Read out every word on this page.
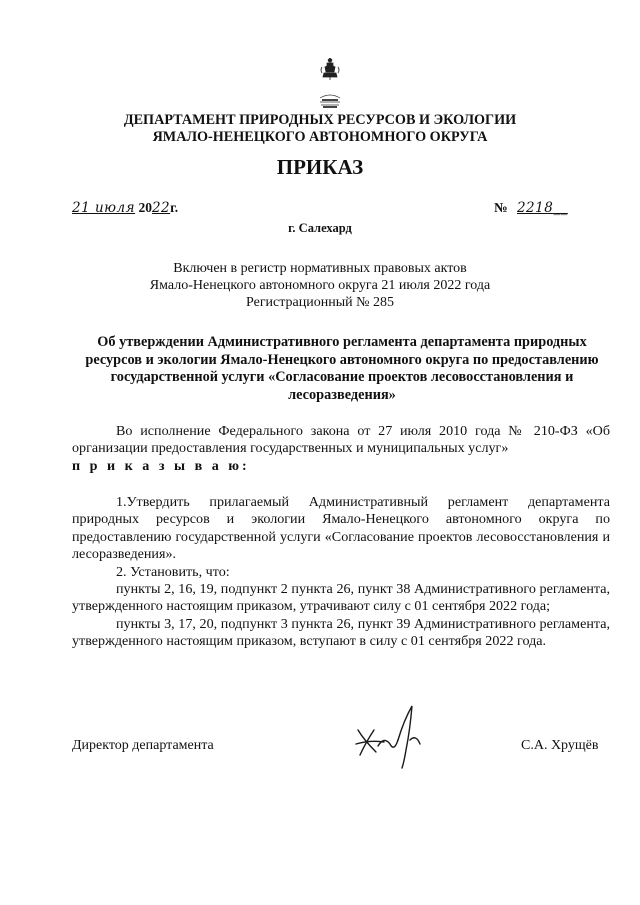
ДЕПАРТАМЕНТ ПРИРОДНЫХ РЕСУРСОВ И ЭКОЛОГИИ
ЯМАЛО-НЕНЕЦКОГО АВТОНОМНОГО ОКРУГА
ПРИКАЗ
21 июля 2022г.	№ 2218__
г. Салехард
Включен в регистр нормативных правовых актов
Ямало-Ненецкого автономного округа 21 июля 2022 года
Регистрационный № 285
Об утверждении Административного регламента департамента природных ресурсов и экологии Ямало-Ненецкого автономного округа по предоставлению государственной услуги «Согласование проектов лесовосстановления и лесоразведения»
Во исполнение Федерального закона от 27 июля 2010 года № 210-ФЗ «Об организации предоставления государственных и муниципальных услуг»
п р и к а з ы в а ю:
1.Утвердить прилагаемый Административный регламент департамента природных ресурсов и экологии Ямало-Ненецкого автономного округа по предоставлению государственной услуги «Согласование проектов лесовосстановления и лесоразведения».
2. Установить, что:
пункты 2, 16, 19, подпункт 2 пункта 26, пункт 38 Административного регламента, утвержденного настоящим приказом, утрачивают силу с 01 сентября 2022 года;
пункты 3, 17, 20, подпункт 3 пункта 26, пункт 39 Административного регламента, утвержденного настоящим приказом, вступают в силу с 01 сентября 2022 года.
Директор департамента	С.А. Хрущёв
